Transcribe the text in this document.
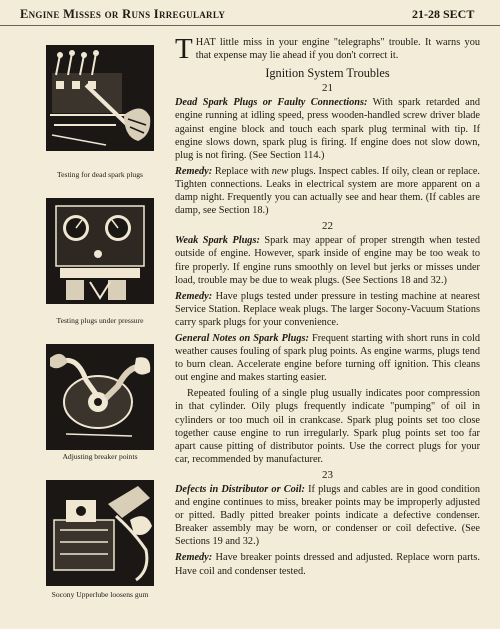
Engine Misses or Runs Irregularly	21-28 SECT
Testing for dead spark plugs
Testing plugs under pressure
Adjusting breaker points
Socony Upperlube loosens gum

THAT little miss in your engine "telegraphs" trouble. It warns you that expense may lie ahead if you don't correct it.

Ignition System Troubles
21

Dead Spark Plugs or Faulty Connections: With spark retarded and engine running at idling speed, press wooden-handled screw driver blade against engine block and touch each spark plug terminal with tip. If engine slows down, spark plug is firing. If engine does not slow down, plug is not firing. (See Section 114.)

Remedy: Replace with new plugs. Inspect cables. If oily, clean or replace. Tighten connections. Leaks in electrical system are more apparent on a damp night. Frequently you can actually see and hear them. (If cables are damp, see Section 18.)

22

Weak Spark Plugs: Spark may appear of proper strength when tested outside of engine. However, spark inside of engine may be too weak to fire properly. If engine runs smoothly on level but jerks or misses under load, trouble may be due to weak plugs. (See Sections 18 and 32.)

Remedy: Have plugs tested under pressure in testing machine at nearest Service Station. Replace weak plugs. The larger Socony-Vacuum Stations carry spark plugs for your convenience.

General Notes on Spark Plugs: Frequent starting with short runs in cold weather causes fouling of spark plug points. As engine warms, plugs tend to burn clean. Accelerate engine before turning off ignition. This cleans out engine and makes starting easier.

Repeated fouling of a single plug usually indicates poor compression in that cylinder. Oily plugs frequently indicate "pumping" of oil in cylinders or too much oil in crankcase. Spark plug points set too close together cause engine to run irregularly. Spark plug points set too far apart cause pitting of distributor points. Use the correct plugs for your car, recommended by manufacturer.

23

Defects in Distributor or Coil: If plugs and cables are in good condition and engine continues to miss, breaker points may be improperly adjusted or pitted. Badly pitted breaker points indicate a defective condenser. Breaker assembly may be worn, or condenser or coil defective. (See Sections 19 and 32.)

Remedy: Have breaker points dressed and adjusted. Replace worn parts. Have coil and condenser tested.
